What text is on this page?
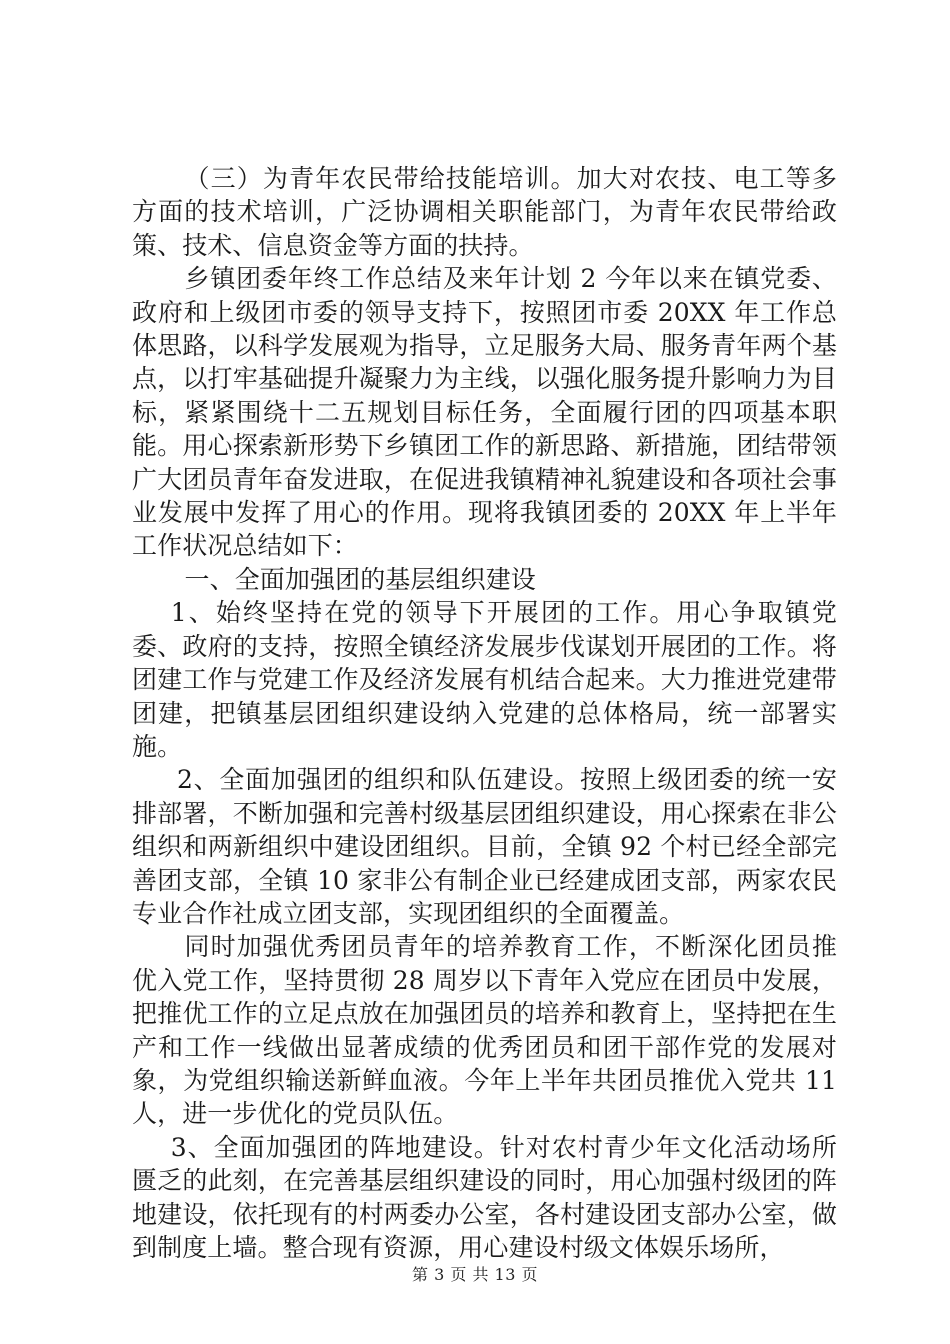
（三）为青年农民带给技能培训。加大对农技、电工等多方面的技术培训，广泛协调相关职能部门，为青年农民带给政策、技术、信息资金等方面的扶持。

乡镇团委年终工作总结及来年计划 2 今年以来在镇党委、政府和上级团市委的领导支持下，按照团市委 20XX 年工作总体思路，以科学发展观为指导，立足服务大局、服务青年两个基点，以打牢基础提升凝聚力为主线，以强化服务提升影响力为目标，紧紧围绕十二五规划目标任务，全面履行团的四项基本职能。用心探索新形势下乡镇团工作的新思路、新措施，团结带领广大团员青年奋发进取，在促进我镇精神礼貌建设和各项社会事业发展中发挥了用心的作用。现将我镇团委的 20XX 年上半年工作状况总结如下：

一、全面加强团的基层组织建设

1、始终坚持在党的领导下开展团的工作。用心争取镇党委、政府的支持，按照全镇经济发展步伐谋划开展团的工作。将团建工作与党建工作及经济发展有机结合起来。大力推进党建带团建，把镇基层团组织建设纳入党建的总体格局，统一部署实施。

2、全面加强团的组织和队伍建设。按照上级团委的统一安排部署，不断加强和完善村级基层团组织建设，用心探索在非公组织和两新组织中建设团组织。目前，全镇 92 个村已经全部完善团支部，全镇 10 家非公有制企业已经建成团支部，两家农民专业合作社成立团支部，实现团组织的全面覆盖。

同时加强优秀团员青年的培养教育工作，不断深化团员推优入党工作，坚持贯彻 28 周岁以下青年入党应在团员中发展，把推优工作的立足点放在加强团员的培养和教育上，坚持把在生产和工作一线做出显著成绩的优秀团员和团干部作党的发展对象，为党组织输送新鲜血液。今年上半年共团员推优入党共 11 人，进一步优化的党员队伍。

3、全面加强团的阵地建设。针对农村青少年文化活动场所匮乏的此刻，在完善基层组织建设的同时，用心加强村级团的阵地建设，依托现有的村两委办公室，各村建设团支部办公室，做到制度上墙。整合现有资源，用心建设村级文体娱乐场所，

第 3 页 共 13 页
